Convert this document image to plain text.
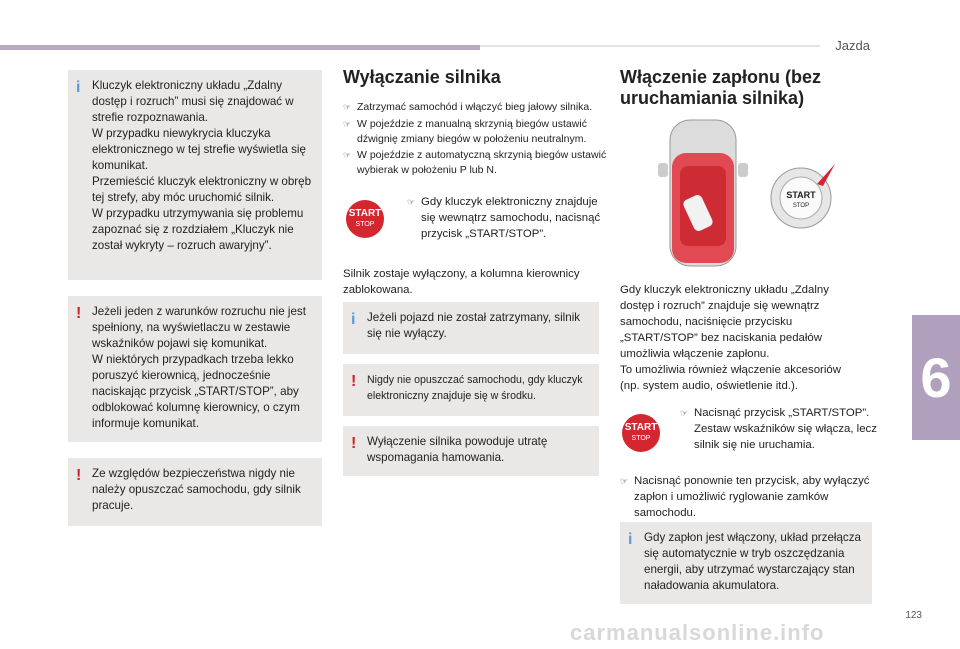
Jazda
6
123
i Kluczyk elektroniczny układu „Zdalny dostęp i rozruch” musi się znajdować w strefie rozpoznawania.
W przypadku niewykrycia kluczyka elektronicznego w tej strefie wyświetla się komunikat.
Przemieścić kluczyk elektroniczny w obręb tej strefy, aby móc uruchomić silnik.
W przypadku utrzymywania się problemu zapoznać się z rozdziałem „Kluczyk nie został wykryty – rozruch awaryjny”.
! Jeżeli jeden z warunków rozruchu nie jest spełniony, na wyświetlaczu w zestawie wskaźników pojawi się komunikat.
W niektórych przypadkach trzeba lekko poruszyć kierownicą, jednocześnie naciskając przycisk „START/STOP”, aby odblokować kolumnę kierownicy, o czym informuje komunikat.
! Ze względów bezpieczeństwa nigdy nie należy opuszczać samochodu, gdy silnik pracuje.
Wyłączanie silnika
☞ Zatrzymać samochód i włączyć bieg jałowy silnika.
☞ W pojeździe z manualną skrzynią biegów ustawić dźwignię zmiany biegów w położeniu neutralnym.
☞ W pojeździe z automatyczną skrzynią biegów ustawić wybierak w położeniu P lub N.
START
STOP
☞ Gdy kluczyk elektroniczny znajduje się wewnątrz samochodu, nacisnąć przycisk „START/STOP”.
Silnik zostaje wyłączony, a kolumna kierownicy zablokowana.
i Jeżeli pojazd nie został zatrzymany, silnik się nie wyłączy.
!	Nigdy nie opuszczać samochodu, gdy kluczyk elektroniczny znajduje się w środku.
! Wyłączenie silnika powoduje utratę wspomagania hamowania.
Włączenie zapłonu (bez uruchamiania silnika)
START
STOP
Gdy kluczyk elektroniczny układu „Zdalny dostęp i rozruch” znajduje się wewnątrz samochodu, naciśnięcie przycisku „START/STOP” bez naciskania pedałów umożliwia włączenie zapłonu.
To umożliwia również włączenie akcesoriów (np. system audio, oświetlenie itd.).
START
STOP
☞ Nacisnąć przycisk „START/STOP”. Zestaw wskaźników się włącza, lecz silnik się nie uruchamia.
☞ Nacisnąć ponownie ten przycisk, aby wyłączyć zapłon i umożliwić ryglowanie zamków samochodu.
i Gdy zapłon jest włączony, układ przełącza się automatycznie w tryb oszczędzania energii, aby utrzymać wystarczający stan naładowania akumulatora.
carmanualsonline.info
